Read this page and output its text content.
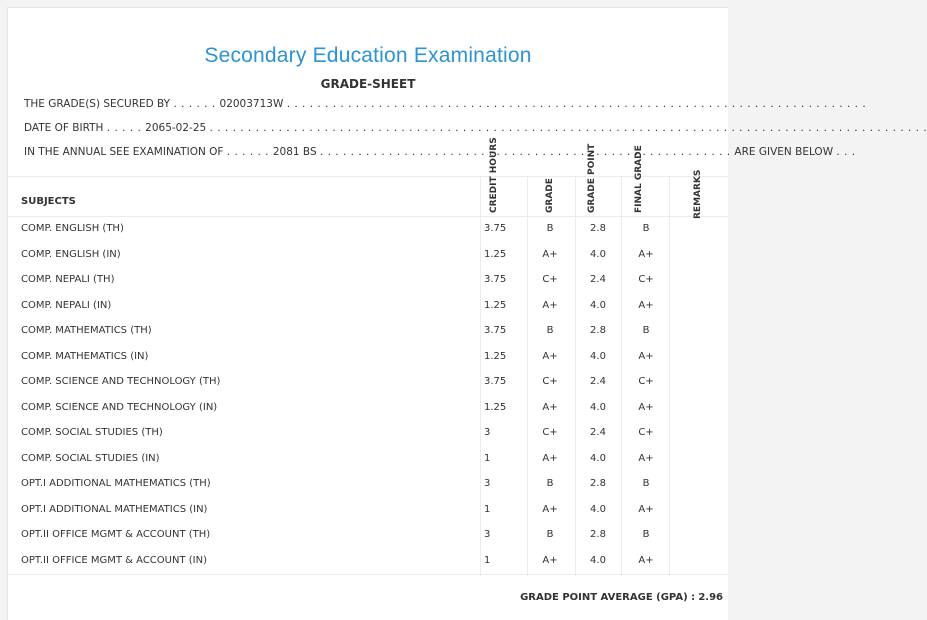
Secondary Education Examination
GRADE-SHEET
THE GRADE(S) SECURED BY . . . . . . 02003713W . . . . . . . . . . . . . . . . . . . . . . . . . . . . . . . . . . . . . . . . . . . . . . . . . . . . . . . . . . . . . . . . . . . . . . . . . . . .
DATE OF BIRTH . . . . . 2065-02-25 . . . . . . . . . . . . . . . . . . . . . . . . . . . . . . . . . . . . . . . . . . . . . . . . . . . . . . . . . . . . . . . . . . . . . . . . . . . . . . . . . . . . . . . . . . . . . .
IN THE ANNUAL SEE EXAMINATION OF . . . . . . 2081 BS . . . . . . . . . . . . . . . . . . . . . . . . . . . . . . . . . . . . . . . . . . . . . . . . . . . . . . ARE GIVEN BELOW . . .
SUBJECTS	CREDIT HOURS	GRADE	GRADE POINT	FINAL GRADE	REMARKS
COMP. ENGLISH (TH)	3.75	B	2.8	B
COMP. ENGLISH (IN)	1.25	A+	4.0	A+
COMP. NEPALI (TH)	3.75	C+	2.4	C+
COMP. NEPALI (IN)	1.25	A+	4.0	A+
COMP. MATHEMATICS (TH)	3.75	B	2.8	B
COMP. MATHEMATICS (IN)	1.25	A+	4.0	A+
COMP. SCIENCE AND TECHNOLOGY (TH)	3.75	C+	2.4	C+
COMP. SCIENCE AND TECHNOLOGY (IN)	1.25	A+	4.0	A+
COMP. SOCIAL STUDIES (TH)	3	C+	2.4	C+
COMP. SOCIAL STUDIES (IN)	1	A+	4.0	A+
OPT.I ADDITIONAL MATHEMATICS (TH)	3	B	2.8	B
OPT.I ADDITIONAL MATHEMATICS (IN)	1	A+	4.0	A+
OPT.II OFFICE MGMT & ACCOUNT (TH)	3	B	2.8	B
OPT.II OFFICE MGMT & ACCOUNT (IN)	1	A+	4.0	A+
GRADE POINT AVERAGE (GPA) : 2.96
